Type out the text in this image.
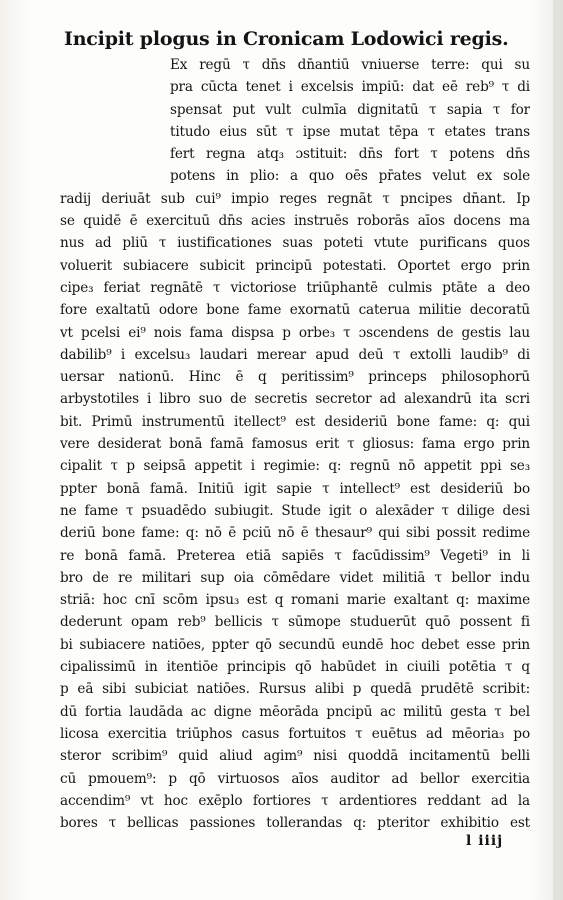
Incipit plogus in Cronicam Lodowici regis.
Ex regū τ dn̄s dn̄antiū vniuerse terre: qui su
pra cūcta tenet i excelsis impiū: dat eē reb⁹ τ di
spensat put vult culmīa dignitatū τ sapia τ for
titudo eius sūt τ ipse mutat tēpa τ etates trans
fert regna atq₃ ɔstituit: dn̄s fort τ potens dn̄s
potens in plio: a quo oēs pr̄ates velut ex sole
radij deriuāt sub cui⁹ impio reges regnāt τ pncipes dn̄ant. Ip
se quidē ē exercituū dn̄s acies instruēs roborās aīos docens ma
nus ad pliū τ iustificationes suas poteti vtute purificans quos
voluerit subiacere subicit principū potestati. Oportet ergo prin
cipe₃ feriat regnātē τ victoriose triūphantē culmis ptāte a deo
fore exaltatū odore bone fame exornatū caterua militie decoratū
vt pcelsi ei⁹ nois fama dispsa p orbe₃ τ ɔscendens de gestis lau
dabilib⁹ i excelsu₃ laudari merear apud deū τ extolli laudib⁹ di
uersar nationū. Hinc ē q peritissim⁹ princeps philosophorū
arbystotiles i libro suo de secretis secretor ad alexandrū ita scri
bit. Primū instrumentū itellect⁹ est desideriū bone fame: q: qui
vere desiderat bonā famā famosus erit τ gliosus: fama ergo prin
cipalit τ p seipsā appetit i regimie: q: regnū nō appetit ppi se₃
ppter bonā famā. Initiū igit sapie τ intellect⁹ est desideriū bo
ne fame τ psuadēdo subiugit. Stude igit o alexāder τ dilige desi
deriū bone fame: q: nō ē pciū nō ē thesaur⁹ qui sibi possit redime
re bonā famā. Preterea etiā sapiēs τ facūdissim⁹ Vegeti⁹ in li
bro de re militari sup oia cōmēdare videt militiā τ bellor indu
striā: hoc cnī scōm ipsu₃ est q romani marie exaltant q: maxime
dederunt opam reb⁹ bellicis τ sūmope studuerūt quō possent fi
bi subiacere natiōes, ppter qō secundū eundē hoc debet esse prin
cipalissimū in itentiōe principis qō habūdet in ciuili potētia τ q
p eā sibi subiciat natiōes. Rursus alibi p quedā prudētē scribit:
dū fortia laudāda ac digne mēorāda pncipū ac militū gesta τ bel
licosa exercitia triūphos casus fortuitos τ euētus ad mēoria₃ po
steror scribim⁹ quid aliud agim⁹ nisi quoddā incitamentū belli
cū pmouem⁹: p qō virtuosos aīos auditor ad bellor exercitia
accendim⁹ vt hoc exēplo fortiores τ ardentiores reddant ad la
bores τ bellicas passiones tollerandas q: pteritor exhibitio est
l iiij
